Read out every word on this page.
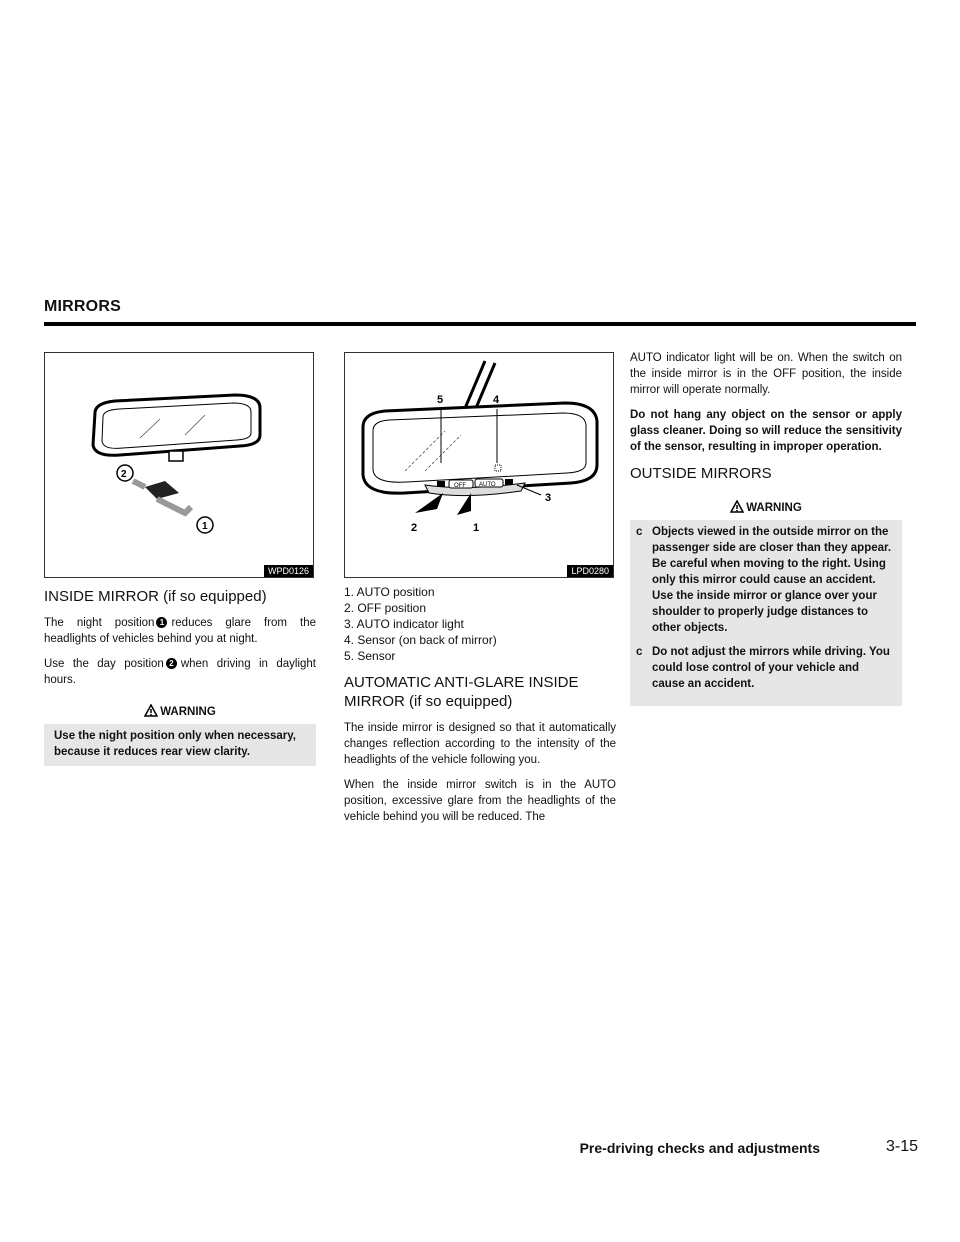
MIRRORS
2
1
WPD0126
INSIDE MIRROR (if so equipped)

The night position 1 reduces glare from the headlights of vehicles behind you at night.

Use the day position 2 when driving in daylight hours.

WARNING
Use the night position only when necessary, because it reduces rear view clarity.
OFF AUTO
5	4
3
2	1
LPD0280
1. AUTO position
2. OFF position
3. AUTO indicator light
4. Sensor (on back of mirror)
5. Sensor
AUTOMATIC ANTI-GLARE INSIDE MIRROR (if so equipped)

The inside mirror is designed so that it automatically changes reflection according to the intensity of the headlights of the vehicle following you.

When the inside mirror switch is in the AUTO position, excessive glare from the headlights of the vehicle behind you will be reduced. The

AUTO indicator light will be on. When the switch on the inside mirror is in the OFF position, the inside mirror will operate normally.

Do not hang any object on the sensor or apply glass cleaner. Doing so will reduce the sensitivity of the sensor, resulting in improper operation.

OUTSIDE MIRRORS
WARNING
c Objects viewed in the outside mirror on the passenger side are closer than they appear. Be careful when moving to the right. Using only this mirror could cause an accident. Use the inside mirror or glance over your shoulder to properly judge distances to other objects.
c Do not adjust the mirrors while driving. You could lose control of your vehicle and cause an accident.
Pre-driving checks and adjustments	3-15
